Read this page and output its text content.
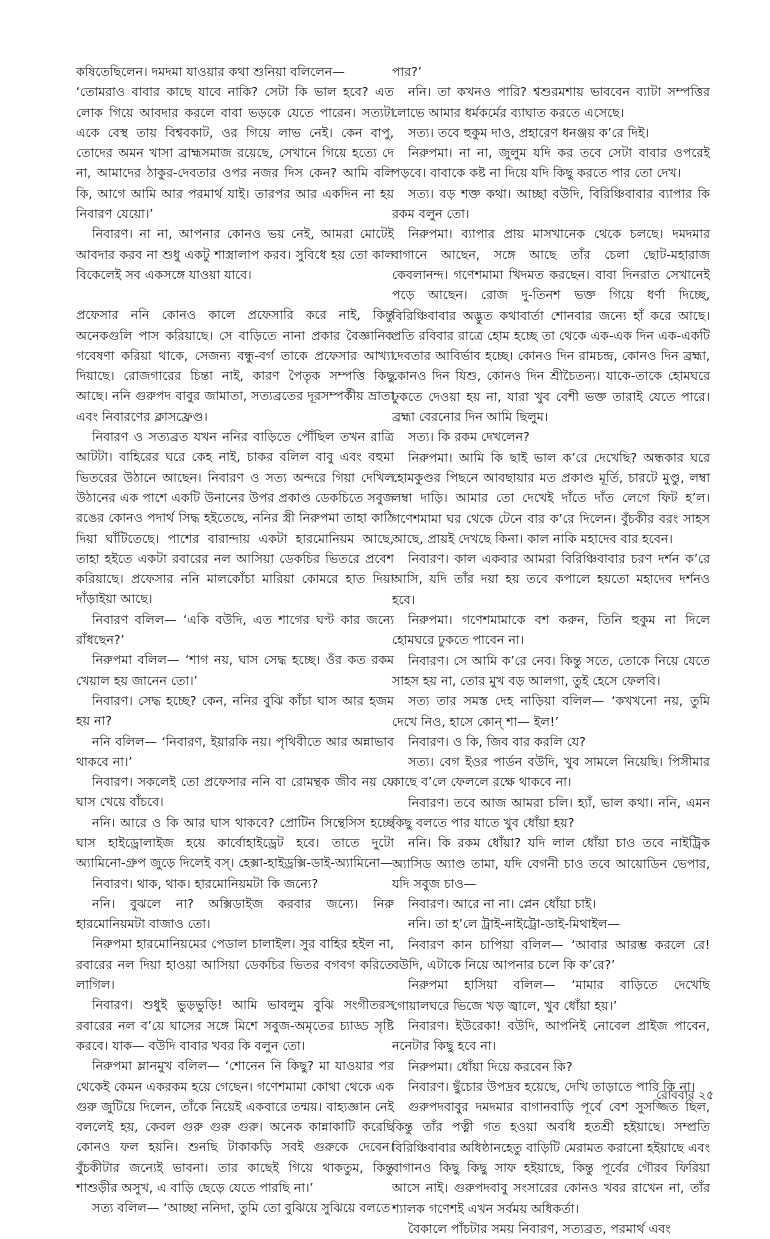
কষিতেছিলেন। দমদমা যাওয়ার কথা শুনিয়া বলিলেন—

‘তোমরাও বাবার কাছে যাবে নাকি? সেটা কি ভাল হবে? এত লোক গিয়ে আবদার করলে বাবা ভড়কে যেতে পারেন। সত্যটা একে বেস্থ তায় বিশ্ববকাট, ওর গিয়ে লাভ নেই। কেন বাপু, তোদের অমন খাসা ব্রাহ্মসমাজ রয়েছে, সেখানে গিয়ে হত্যে দে না, আমাদের ঠাকুর-দেবতার ওপর নজর দিস কেন? আমি বলি কি, আগে আমি আর পরমার্থ যাই। তারপর আর একদিন না হয় নিবারণ যেয়ো।’

নিবারণ। না না, আপনার কোনও ভয় নেই, আমরা মোটেই আবদার করব না শুধু একটু শাস্ত্রালাপ করব। সুবিধে হয় তো কাল বিকেলেই সব একসঙ্গে যাওয়া যাবে।

প্রফেসার ননি কোনও কালে প্রফেসারি করে নাই, কিন্তু অনেকগুলি পাস করিয়াছে। সে বাড়িতে নানা প্রকার বৈজ্ঞানিক গবেষণা করিয়া থাকে, সেজন্য বন্ধু-বর্গ তাকে প্রফেসার আখ্যা দিয়াছে। রোজগারের চিন্তা নাই, কারণ পৈতৃক সম্পত্তি কিছু আছে। ননি গুরুপদ বাবুর জামাতা, সত্যব্রতের দূরসম্পর্কীয় ভ্রাতা এবং নিবারণের ক্লাসফ্রেণ্ড।

নিবারণ ও সত্যব্রত যখন ননির বাড়িতে পৌঁছিল তখন রাত্রি আটটা। বাহিরের ঘরে কেহ নাই, চাকর বলিল বাবু এবং বহুমা ভিতরের উঠানে আছেন। নিবারণ ও সত্য অন্দরে গিয়া দেখিল উঠানের এক পাশে একটি উনানের উপর প্রকাণ্ড ডেকচিতে সবুজ রঙের কোনও পদার্থ সিদ্ধ হইতেছে, ননির স্ত্রী নিরুপমা তাহা কাঠি দিয়া ঘাঁটিতেছে। পাশের বারান্দায় একটা হারমোনিয়ম আছে, তাহা হইতে একটা রবারের নল আসিয়া ডেকচির ভিতরে প্রবেশ করিয়াছে। প্রফেসার ননি মালকোঁচা মারিয়া কোমরে হাত দিয়া দাঁড়াইয়া আছে।

নিবারণ বলিল— ‘একি বউদি, এত শাগের ঘণ্ট কার জন্যে রাঁধছেন?’

নিরুপমা বলিল— ‘শাগ নয়, ঘাস সেদ্ধ হচ্ছে। ওঁর কত রকম খেয়াল হয় জানেন তো।’

নিবারণ। সেদ্ধ হচ্ছে? কেন, ননির বুঝি কাঁচা ঘাস আর হজম হয় না?

ননি বলিল— ‘নিবারণ, ইয়ারকি নয়। পৃথিবীতে আর অন্নাভাব থাকবে না।’

নিবারণ। সকলেই তো প্রফেসার ননি বা রোমন্থক জীব নয় যে ঘাস খেয়ে বাঁচবে।

ননি। আরে ও কি আর ঘাস থাকবে? প্রোটিন সিন্থেসিস হচ্ছে ঘাস হাইড্রোলাইজ হয়ে কার্বোহাইড্রেট হবে। তাতে দুটো অ্যামিনো-গ্রুপ জুড়ে দিলেই বস্। হেক্সা-হাইড্রক্সি-ডাই-অ্যামিনো—

নিবারণ। থাক, থাক। হারমোনিয়মটা কি জন্যে?

ননি। বুঝলে না? অক্সিডাইজ করবার জন্যে। নিরু হারমোনিয়মটা বাজাও তো।

নিরুপমা হারমোনিয়মের পেডাল চালাইল। সুর বাহির হইল না, রবারের নল দিয়া হাওয়া আসিয়া ডেকচির ভিতর বগবগ করিতে লাগিল।

নিবারণ। শুধুই ভুড়ভুড়ি! আমি ভাবলুম বুঝি সংগীতরস রবারের নল ব’য়ে ঘাসের সঙ্গে মিশে সবুজ-অমৃতের চ্যাড্ড সৃষ্টি করবে। যাক— বউদি বাবার খবর কি বলুন তো।

নিরুপমা ম্লানমুখ বলিল— ‘শোনেন নি কিছু? মা যাওয়ার পর থেকেই কেমন একরকম হয়ে গেছেন। গণেশমামা কোথা থেকে এক গুরু জুটিয়ে দিলেন, তাঁকে নিয়েই একবারে তন্ময়। বাহ্যজ্ঞান নেই বললেই হয়, কেবল গুরু গুরু গুরু। অনেক কান্নাকাটি করেছি কোনও ফল হয়নি। শুনছি টাকাকড়ি সবই গুরুকে দেবেন। বুঁচকীটার জন্যেই ভাবনা। তার কাছেই গিয়ে থাকতুম, কিন্তু শাশুড়ীর অসুখ, এ বাড়ি ছেড়ে যেতে পারছি না।’

সত্য বলিল— ‘আচ্ছা ননিদা, তুমি তো বুঝিয়ে সুঝিয়ে বলতে

পার?’

ননি। তা কখনও পারি? শ্বশুরমশায় ভাববেন ব্যাটা সম্পত্তির লোভে আমার ধর্মকর্মের ব্যাঘাত করতে এসেছে।

সত্য। তবে হুকুম দাও, প্রহারেণ ধনঞ্জয় ক’রে দিই।

নিরুপমা। না না, জুলুম যদি কর তবে সেটা বাবার ওপরেই পড়বে। বাবাকে কষ্ট না দিয়ে যদি কিছু করতে পার তো দেখ।

সত্য। বড় শক্ত কথা। আচ্ছা বউদি, বিরিঞ্চিবাবার ব্যাপার কি রকম বলুন তো।

নিরুপমা। ব্যাপার প্রায় মাসখানেক থেকে চলছে। দমদমার বাগানে আছেন, সঙ্গে আছে তাঁর চেলা ছোট-মহারাজ কেবলানন্দ। গণেশমামা খিদমত করছেন। বাবা দিনরাত সেখানেই পড়ে আছেন। রোজ দু-তিনশ ভক্ত গিয়ে ধর্ণা দিচ্ছে, বিরিঞ্চিবাবার অদ্ভুত কথাবার্তা শোনবার জন্যে হাঁ করে আছে। প্রতি রবিবার রাত্রে হোম হচ্ছে তা থেকে এক-এক দিন এক-একটি দেবতার আবির্ভাব হচ্ছে। কোনও দিন রামচন্দ্র, কোনও দিন ব্রহ্মা, কোনও দিন যিশু, কোনও দিন শ্রীচৈতন্য। যাকে-তাকে হোমঘরে ঢুকতে দেওয়া হয় না, যারা খুব বেশী ভক্ত তারাই যেতে পারে। ব্রহ্মা বেরনোর দিন আমি ছিলুম।

সত্য। কি রকম দেখলেন?

নিরুপমা। আমি কি ছাই ভাল ক’রে দেখেছি? অন্ধকার ঘরে হোমকুণ্ডর পিছনে আবছায়ার মত প্রকাণ্ড মূর্তি, চারটে মুণ্ডু, লম্বা লম্বা দাড়ি। আমার তো দেখেই দাঁতে দাঁত লেগে ফিট হ’ল। গণেশমামা ঘর থেকে টেনে বার ক’রে দিলেন। বুঁচকীর বরং সাহস আছে, প্রায়ই দেখছে কিনা। কাল নাকি মহাদেব বার হবেন।

নিবারণ। কাল একবার আমরা বিরিঞ্চিবাবার চরণ দর্শন ক’রে আসি, যদি তাঁর দয়া হয় তবে কপালে হয়তো মহাদেব দর্শনও হবে।

নিরুপমা। গণেশমামাকে বশ করুন, তিনি হুকুম না দিলে হোমঘরে ঢুকতে পাবেন না।

নিবারণ। সে আমি ক’রে নেব। কিন্তু সতে, তোকে নিয়ে যেতে সাহস হয় না, তোর মুখ বড় আলগা, তুই হেসে ফেলবি।

সত্য তার সমস্ত দেহ নাড়িয়া বলিল— ‘কখখনো নয়, তুমি দেখে নিও, হাসে কোন্ শা— ইল!’

নিবারণ। ও কি, জিব বার করলি যে?

সত্য। বেগ ইওর পার্ডন বউদি, খুব সামলে নিয়েছি। পিসীমার কাছে ব’লে ফেললে রক্ষে থাকবে না।

নিবারণ। তবে আজ আমরা চলি। হ্যাঁ, ভাল কথা। ননি, এমন কিছু বলতে পার যাতে খুব ধোঁয়া হয়?

ননি। কি রকম ধোঁয়া? যদি লাল ধোঁয়া চাও তবে নাইট্রিক অ্যাসিড অ্যাণ্ড তামা, যদি বেগনী চাও তবে আয়োডিন ভেপার, যদি সবুজ চাও—

নিবারণ। আরে না না। প্লেন ধোঁয়া চাই।

ননি। তা হ’লে ট্রাই-নাইট্রো-ডাই-মিথাইল—

নিবারণ কান চাপিয়া বলিল— ‘আবার আরম্ভ করলে রে! বউদি, এটাকে নিয়ে আপনার চলে কি ক’রে?’

নিরুপমা হাসিয়া বলিল— ‘মামার বাড়িতে দেখেছি গোয়ালঘরে ভিজে খড় জ্বালে, খুব ধোঁয়া হয়।’

নিবারণ। ইউরেকা! বউদি, আপনিই নোবেল প্রাইজ পাবেন, ননেটার কিছু হবে না।

নিরুপমা। ধোঁয়া দিয়ে করবেন কি?

নিবারণ। ছুঁচোর উপদ্রব হয়েছে, দেখি তাড়াতে পারি কি না।

গুরুপদবাবুর দমদমার বাগানবাড়ি পূর্বে বেশ সুসজ্জিত ছিল, কিন্তু তাঁর পত্নী গত হওয়া অবধি হতশ্রী হইয়াছে। সম্প্রতি বিরিঞ্চিবাবার অধিষ্ঠানহেতু বাড়িটি মেরামত করানো হইয়াছে এবং বাগানও কিছু কিছু সাফ হইয়াছে, কিন্তু পূর্বের গৌরব ফিরিয়া আসে নাই। গুরুপদবাবু সংসারের কোনও খবর রাখেন না, তাঁর শ্যালক গণেশই এখন সর্বময় অধিকর্তা।

বৈকালে পাঁচটার সময় নিবারণ, সত্যব্রত, পরমার্থ এবং

রোববার ২৫
